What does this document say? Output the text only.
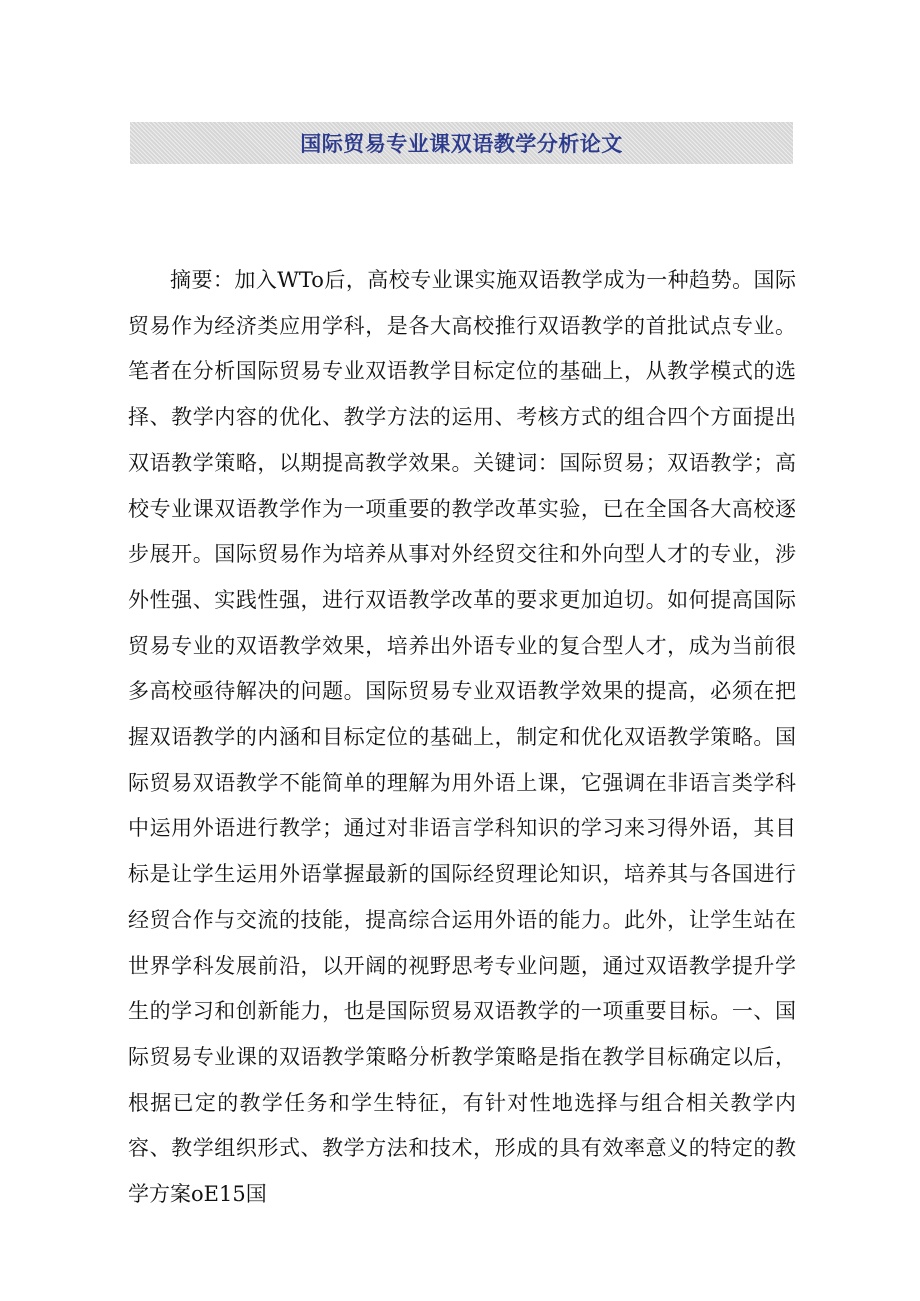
国际贸易专业课双语教学分析论文

摘要：加入WTo后，高校专业课实施双语教学成为一种趋势。国际贸易作为经济类应用学科，是各大高校推行双语教学的首批试点专业。笔者在分析国际贸易专业双语教学目标定位的基础上，从教学模式的选择、教学内容的优化、教学方法的运用、考核方式的组合四个方面提出双语教学策略，以期提高教学效果。关键词：国际贸易；双语教学；高校专业课双语教学作为一项重要的教学改革实验，已在全国各大高校逐步展开。国际贸易作为培养从事对外经贸交往和外向型人才的专业，涉外性强、实践性强，进行双语教学改革的要求更加迫切。如何提高国际贸易专业的双语教学效果，培养出外语专业的复合型人才，成为当前很多高校亟待解决的问题。国际贸易专业双语教学效果的提高，必须在把握双语教学的内涵和目标定位的基础上，制定和优化双语教学策略。国际贸易双语教学不能简单的理解为用外语上课，它强调在非语言类学科中运用外语进行教学；通过对非语言学科知识的学习来习得外语，其目标是让学生运用外语掌握最新的国际经贸理论知识，培养其与各国进行经贸合作与交流的技能，提高综合运用外语的能力。此外，让学生站在世界学科发展前沿，以开阔的视野思考专业问题，通过双语教学提升学生的学习和创新能力，也是国际贸易双语教学的一项重要目标。一、国际贸易专业课的双语教学策略分析教学策略是指在教学目标确定以后，根据已定的教学任务和学生特征，有针对性地选择与组合相关教学内容、教学组织形式、教学方法和技术，形成的具有效率意义的特定的教学方案oE15国
